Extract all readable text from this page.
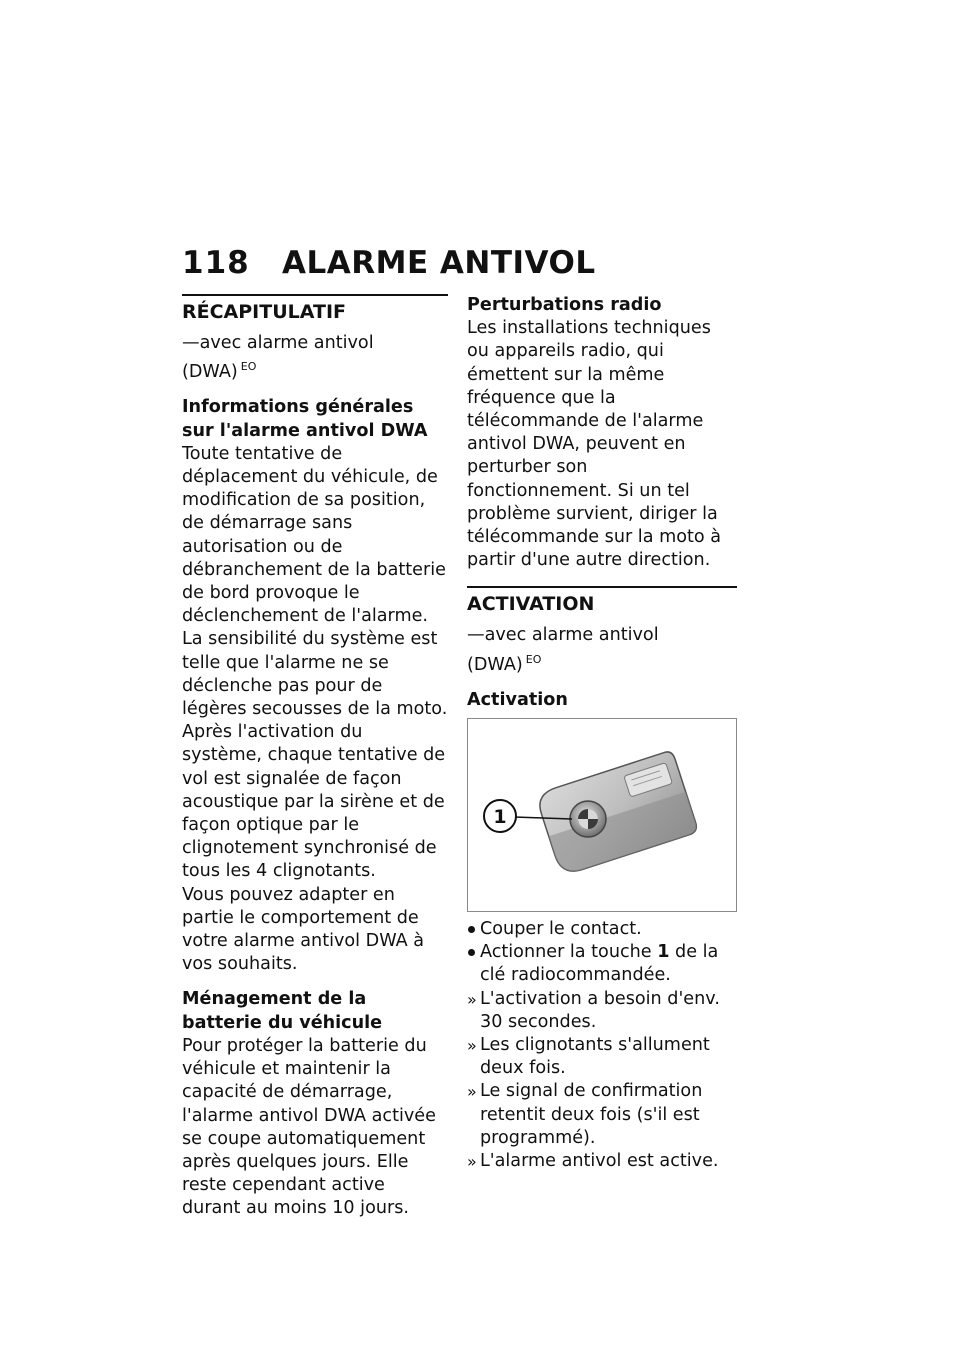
118	ALARME ANTIVOL
RÉCAPITULATIF

—avec alarme antivol (DWA) $^{EO}$

Informations générales sur l'alarme antivol DWA

Toute tentative de déplacement du véhicule, de modification de sa position, de démarrage sans autorisation ou de débranchement de la batterie de bord provoque le déclenchement de l'alarme. La sensibilité du système est telle que l'alarme ne se déclenche pas pour de légères secousses de la moto. Après l'activation du système, chaque tentative de vol est signalée de façon acoustique par la sirène et de façon optique par le clignotement synchronisé de tous les 4 clignotants.

Vous pouvez adapter en partie le comportement de votre alarme antivol DWA à vos souhaits.

Ménagement de la batterie du véhicule

Pour protéger la batterie du véhicule et maintenir la capacité de démarrage, l'alarme antivol DWA activée se coupe automatiquement après quelques jours. Elle reste cependant active durant au moins 10 jours.

Perturbations radio

Les installations techniques ou appareils radio, qui émettent sur la même fréquence que la télécommande de l'alarme antivol DWA, peuvent en perturber son fonctionnement. Si un tel problème survient, diriger la télécommande sur la moto à partir d'une autre direction.

ACTIVATION

—avec alarme antivol (DWA) $^{EO}$

Activation
1
Couper le contact.
Actionner la touche 1 de la clé radiocommandée.
» L'activation a besoin d'env. 30 secondes.
» Les clignotants s'allument deux fois.
» Le signal de confirmation retentit deux fois (s'il est programmé).
» L'alarme antivol est active.
